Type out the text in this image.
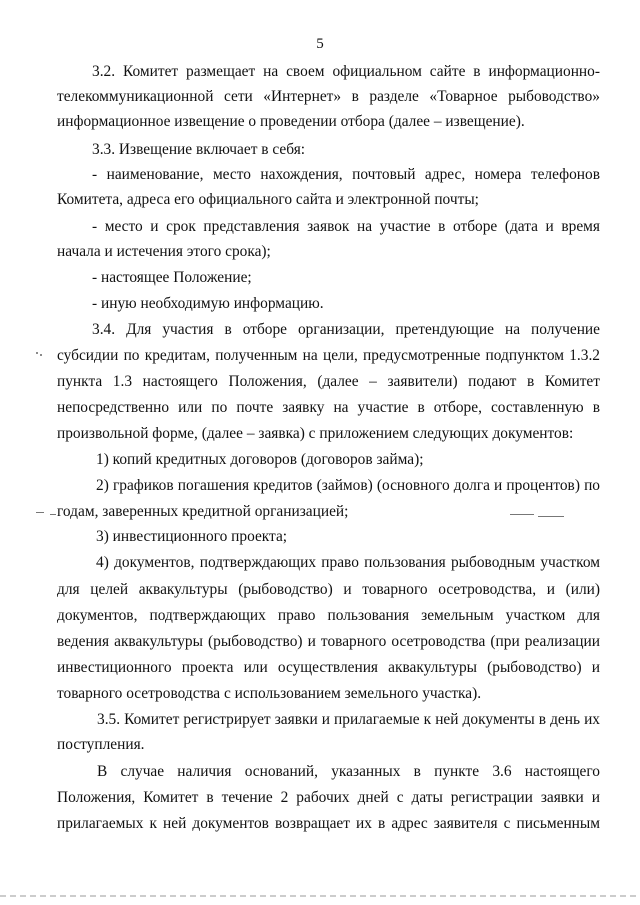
5
3.2. Комитет размещает на своем официальном сайте в информационно-
телекоммуникационной сети «Интернет» в разделе «Товарное рыбоводство»
информационное извещение о проведении отбора (далее – извещение).
3.3. Извещение включает в себя:
- наименование, место нахождения, почтовый адрес, номера телефонов
Комитета, адреса его официального сайта и электронной почты;
- место и срок представления заявок на участие в отборе (дата и время
начала и истечения этого срока);
- настоящее Положение;
- иную необходимую информацию.
3.4. Для участия в отборе организации, претендующие на получение
субсидии по кредитам, полученным на цели, предусмотренные подпунктом 1.3.2
пункта 1.3 настоящего Положения, (далее – заявители) подают в Комитет
непосредственно или по почте заявку на участие в отборе, составленную в
произвольной форме, (далее – заявка) с приложением следующих документов:
1) копий кредитных договоров (договоров займа);
2) графиков погашения кредитов (займов) (основного долга и процентов) по
годам, заверенных кредитной организацией;
3) инвестиционного проекта;
4) документов, подтверждающих право пользования рыбоводным участком
для целей аквакультуры (рыбоводство) и товарного осетроводства, и (или)
документов, подтверждающих право пользования земельным участком для
ведения аквакультуры (рыбоводство) и товарного осетроводства (при реализации
инвестиционного проекта или осуществления аквакультуры (рыбоводство) и
товарного осетроводства с использованием земельного участка).
3.5. Комитет регистрирует заявки и прилагаемые к ней документы в день их
поступления.
В случае наличия оснований, указанных в пункте 3.6 настоящего
Положения, Комитет в течение 2 рабочих дней с даты регистрации заявки и
прилагаемых к ней документов возвращает их в адрес заявителя с письменным
